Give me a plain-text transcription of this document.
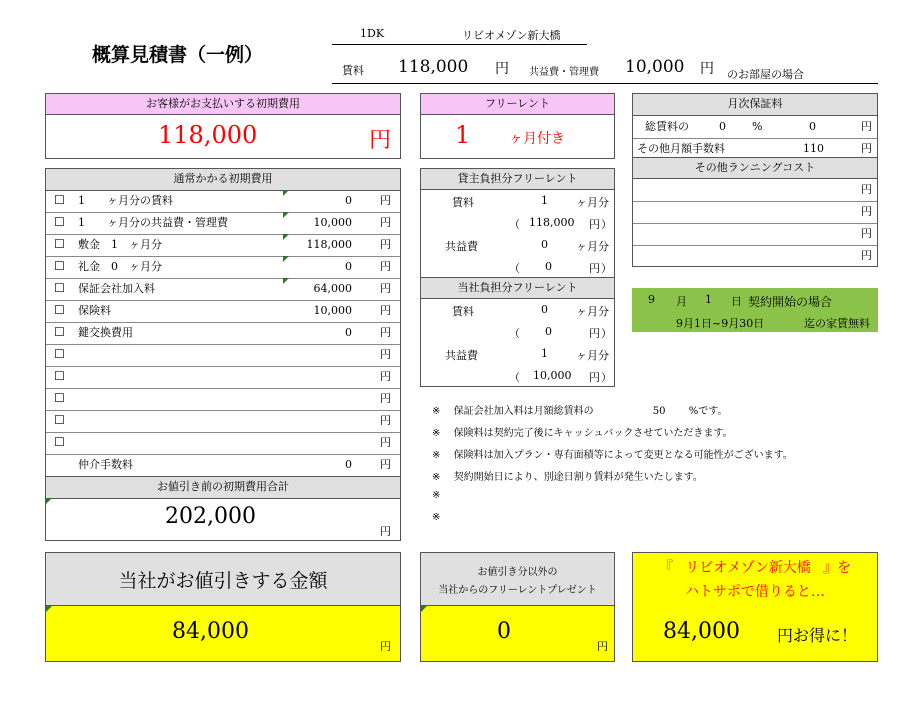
概算見積書（一例）
1DK	リビオメゾン新大橋
賃料 118,000 円 共益費・管理費 10,000 円 のお部屋の場合
お客様がお支払いする初期費用
118,000	円
フリーレント
1	ヶ月付き
月次保証料
総賃料の	0 %	0	円
その他月額手数料	110	円
その他ランニングコスト
円
円
円
円
通常かかる初期費用
☐ 1　　ヶ月分の賃料	0	円
☐ 1　　ヶ月分の共益費・管理費	10,000	円
☐ 敷金　1　ヶ月分	118,000	円
☐ 礼金　0　ヶ月分	0	円
☐ 保証会社加入料	64,000	円
☐ 保険料	10,000	円
☐ 鍵交換費用	0	円
☐	円
☐	円
☐	円
☐	円
☐	円
仲介手数料	0	円
お値引き前の初期費用合計
202,000
円
貸主負担分フリーレント
賃料	1	ヶ月分
（ 118,000 円 ）
共益費	0	ヶ月分
（ 0	円 ）
当社負担分フリーレント
賃料	0	ヶ月分
（ 0	円 ）
共益費	1	ヶ月分
（ 10,000 円 ）
9 月 1 日 契約開始の場合
9月1日~9月30日	迄の家賃無料
※ 保証会社加入料は月額総賃料の	50 %です。
※ 保険料は契約完了後にキャッシュバックさせていただきます。
※ 保険料は加入プラン・専有面積等によって変更となる可能性がございます。
※ 契約開始日により、別途日割り賃料が発生いたします。
※
※
当社がお値引きする金額
84,000
円
お値引き分以外の
当社からのフリーレントプレゼント
0
円
『 リビオメゾン新大橋 』を
ハトサポで借りると…
84,000 円お得に！
